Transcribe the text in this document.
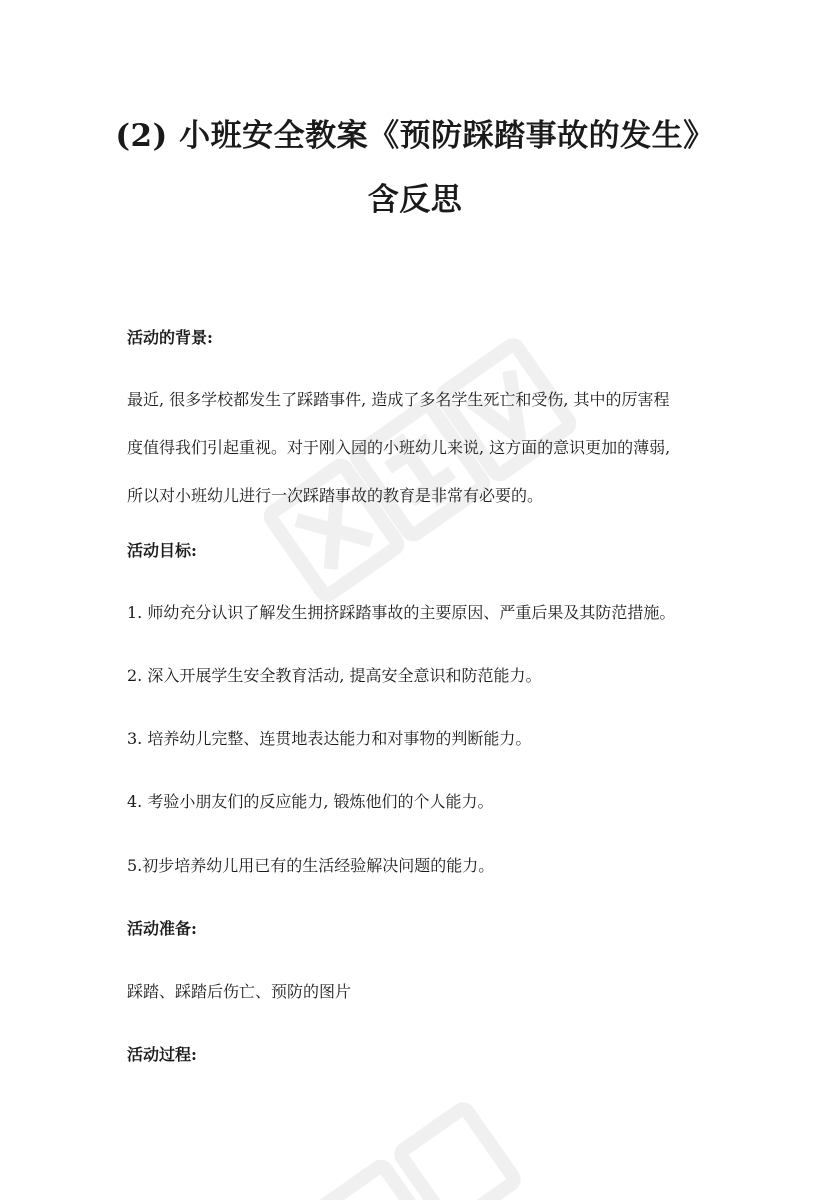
(2) 小班安全教案《预防踩踏事故的发生》
含反思
活动的背景:
最近, 很多学校都发生了踩踏事件, 造成了多名学生死亡和受伤, 其中的厉害程
度值得我们引起重视。对于刚入园的小班幼儿来说, 这方面的意识更加的薄弱,
所以对小班幼儿进行一次踩踏事故的教育是非常有必要的。
活动目标:

1. 师幼充分认识了解发生拥挤踩踏事故的主要原因、严重后果及其防范措施。

2. 深入开展学生安全教育活动, 提高安全意识和防范能力。

3. 培养幼儿完整、连贯地表达能力和对事物的判断能力。

4. 考验小朋友们的反应能力, 锻炼他们的个人能力。

5.初步培养幼儿用已有的生活经验解决问题的能力。

活动准备:

踩踏、踩踏后伤亡、预防的图片

活动过程:
